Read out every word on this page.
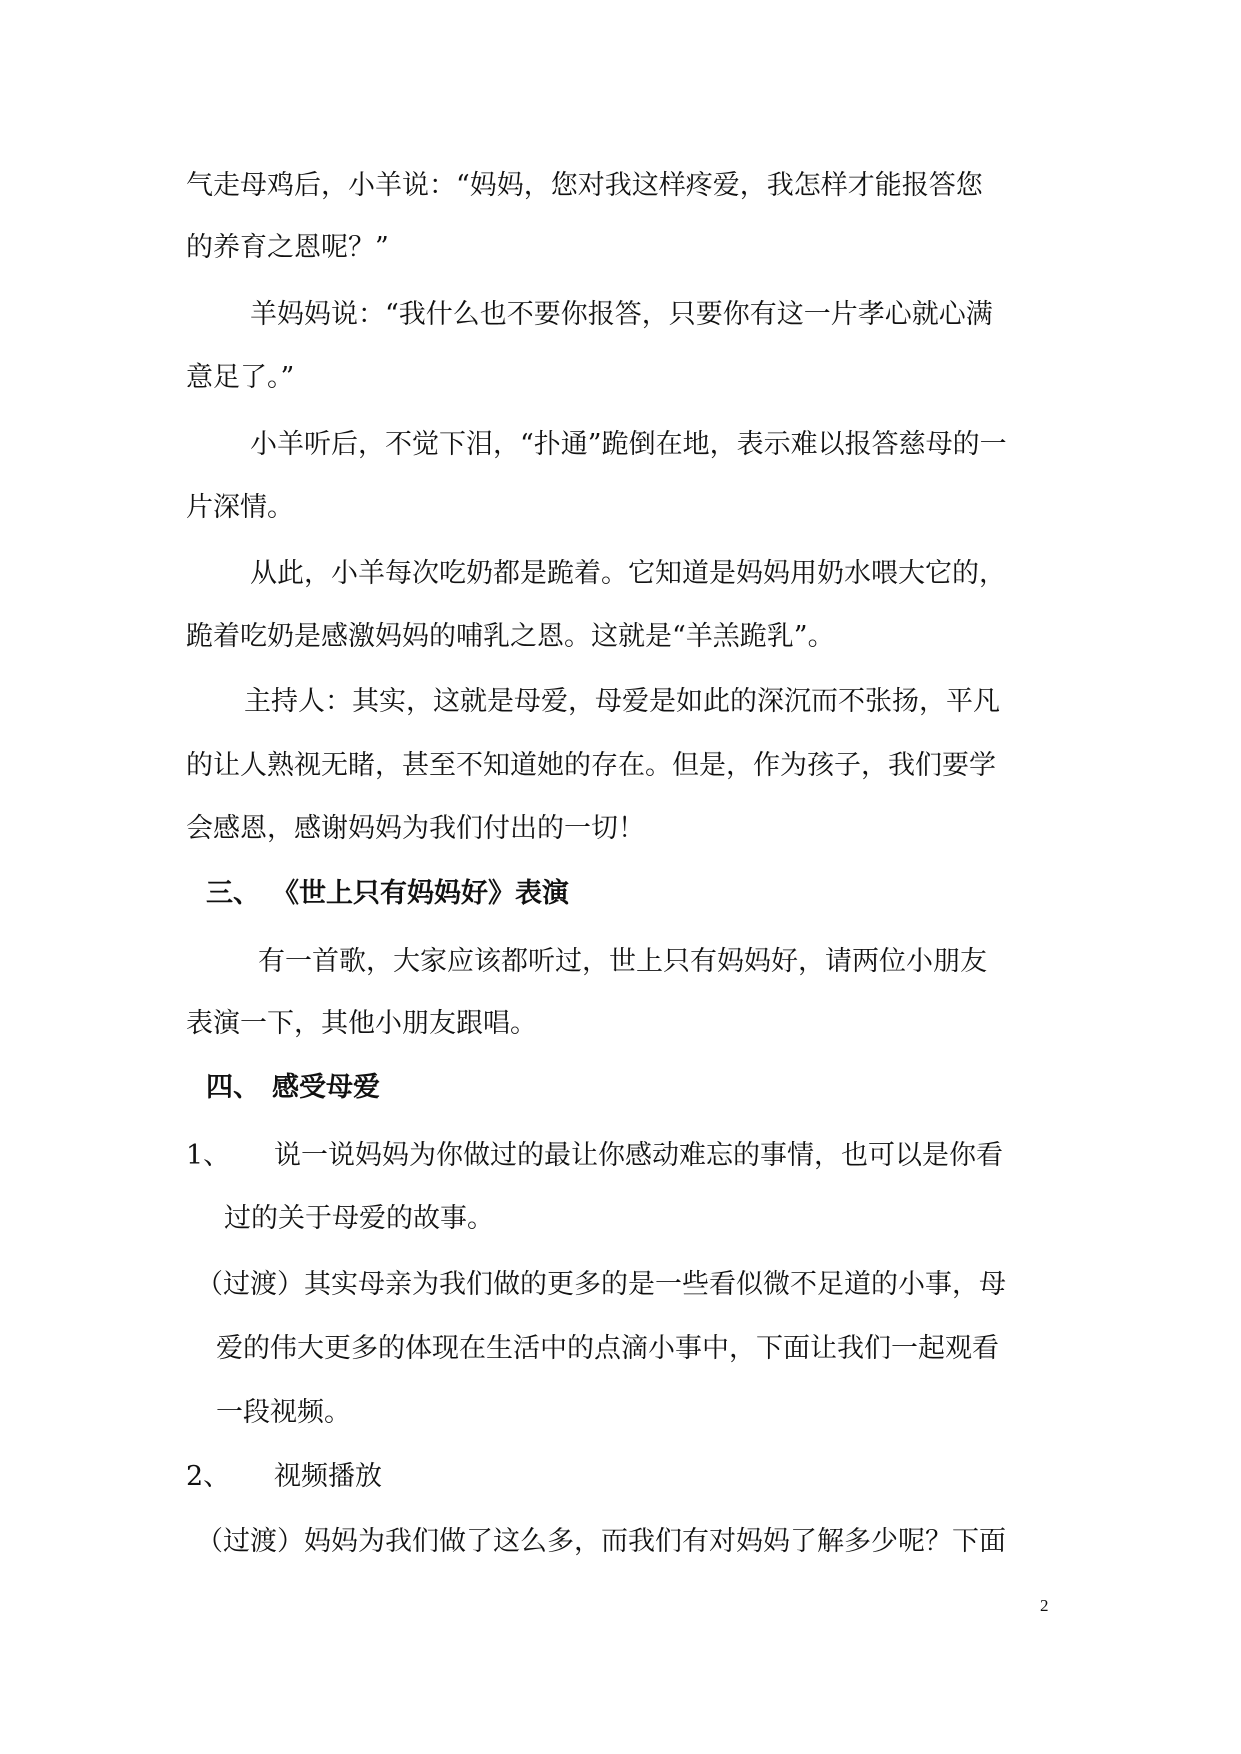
气走母鸡后，小羊说：“妈妈，您对我这样疼爱，我怎样才能报答您
的养育之恩呢？”
羊妈妈说：“我什么也不要你报答，只要你有这一片孝心就心满
意足了。”
小羊听后，不觉下泪，“扑通”跪倒在地，表示难以报答慈母的一
片深情。
从此，小羊每次吃奶都是跪着。它知道是妈妈用奶水喂大它的，
跪着吃奶是感激妈妈的哺乳之恩。这就是“羊羔跪乳”。
主持人：其实，这就是母爱，母爱是如此的深沉而不张扬，平凡
的让人熟视无睹，甚至不知道她的存在。但是，作为孩子，我们要学
会感恩，感谢妈妈为我们付出的一切！
三、 《世上只有妈妈好》表演
有一首歌，大家应该都听过，世上只有妈妈好，请两位小朋友
表演一下，其他小朋友跟唱。
四、 感受母爱
1、 说一说妈妈为你做过的最让你感动难忘的事情，也可以是你看
过的关于母爱的故事。
（过渡）其实母亲为我们做的更多的是一些看似微不足道的小事，母
爱的伟大更多的体现在生活中的点滴小事中，下面让我们一起观看
一段视频。
2、 视频播放
（过渡）妈妈为我们做了这么多，而我们有对妈妈了解多少呢？下面
2
